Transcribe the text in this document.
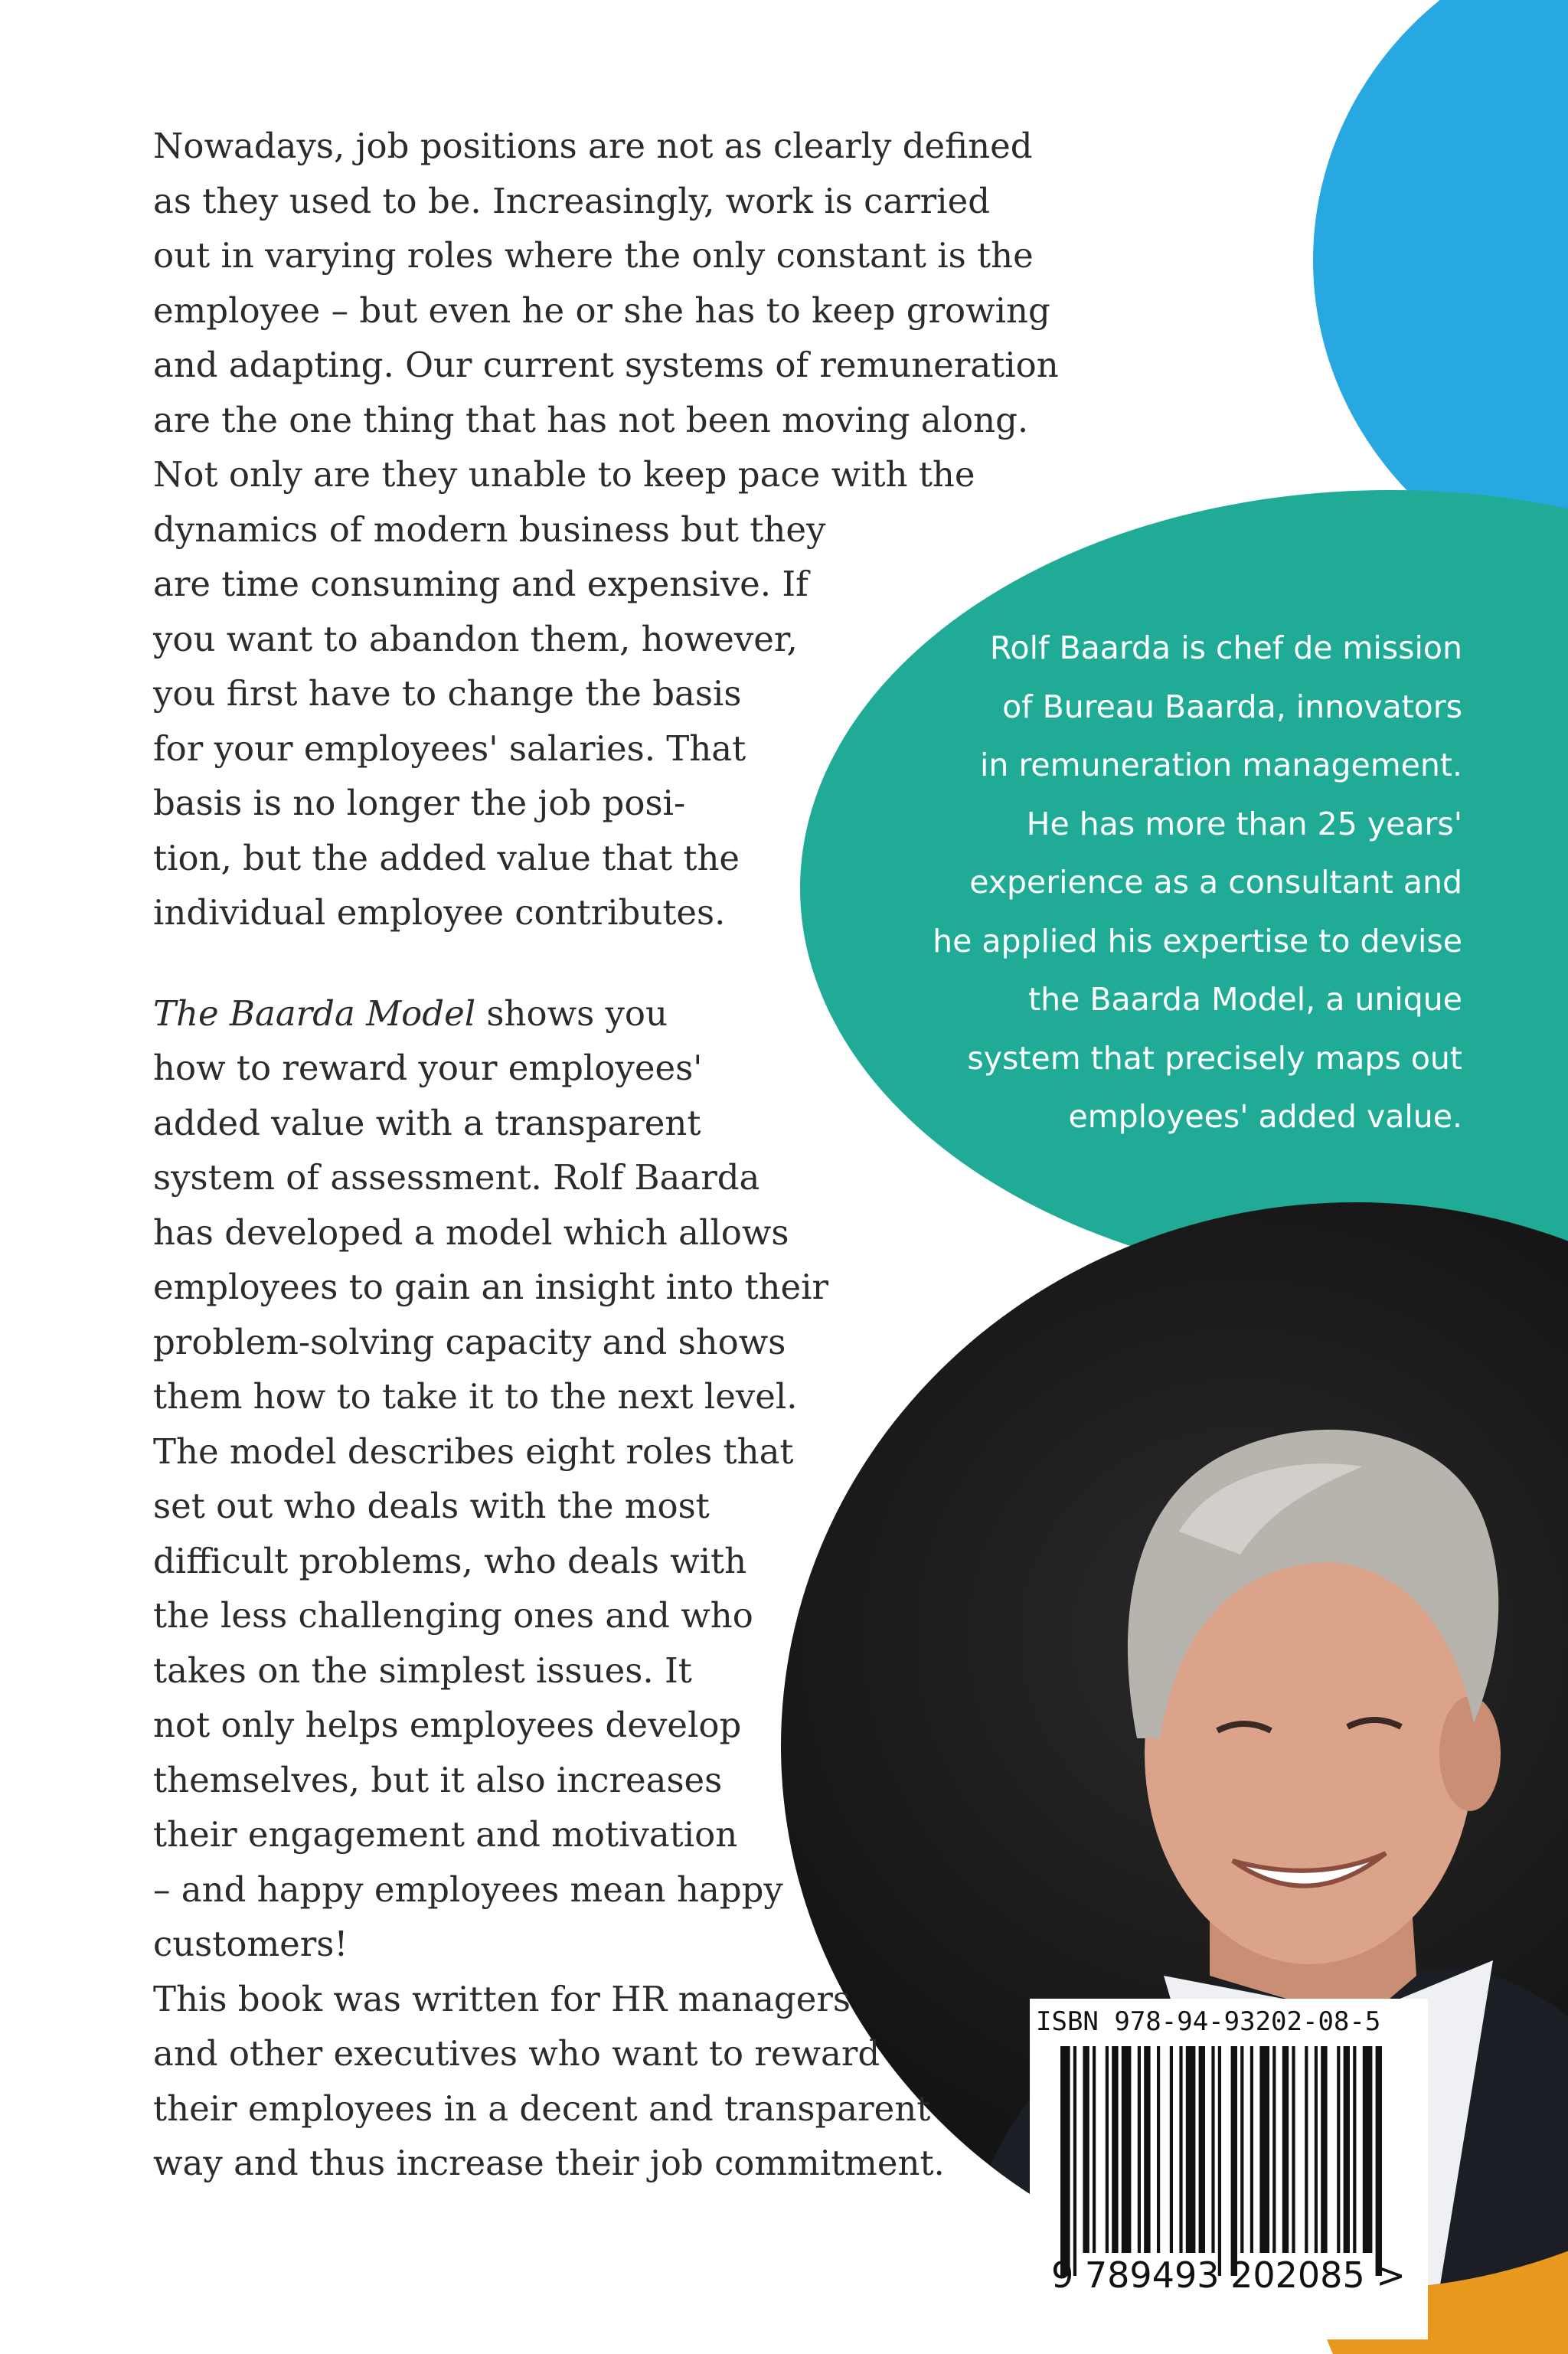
Nowadays, job positions are not as clearly defined
as they used to be. Increasingly, work is carried
out in varying roles where the only constant is the
employee – but even he or she has to keep growing
and adapting. Our current systems of remuneration
are the one thing that has not been moving along.
Not only are they unable to keep pace with the
dynamics of modern business but they
are time consuming and expensive. If
you want to abandon them, however,
you first have to change the basis
for your employees' salaries. That
basis is no longer the job posi-
tion, but the added value that the
individual employee contributes.
The Baarda Model shows you
how to reward your employees'
added value with a transparent
system of assessment. Rolf Baarda
has developed a model which allows
employees to gain an insight into their
problem-solving capacity and shows
them how to take it to the next level.
The model describes eight roles that
set out who deals with the most
difficult problems, who deals with
the less challenging ones and who
takes on the simplest issues. It
not only helps employees develop
themselves, but it also increases
their engagement and motivation
– and happy employees mean happy
customers!
This book was written for HR managers
and other executives who want to reward
their employees in a decent and transparent
way and thus increase their job commitment.
Rolf Baarda is chef de mission
of Bureau Baarda, innovators
in remuneration management.
He has more than 25 years'
experience as a consultant and
he applied his expertise to devise
the Baarda Model, a unique
system that precisely maps out
employees' added value.
ISBN 978-94-93202-08-5
9 789493 202085 >
